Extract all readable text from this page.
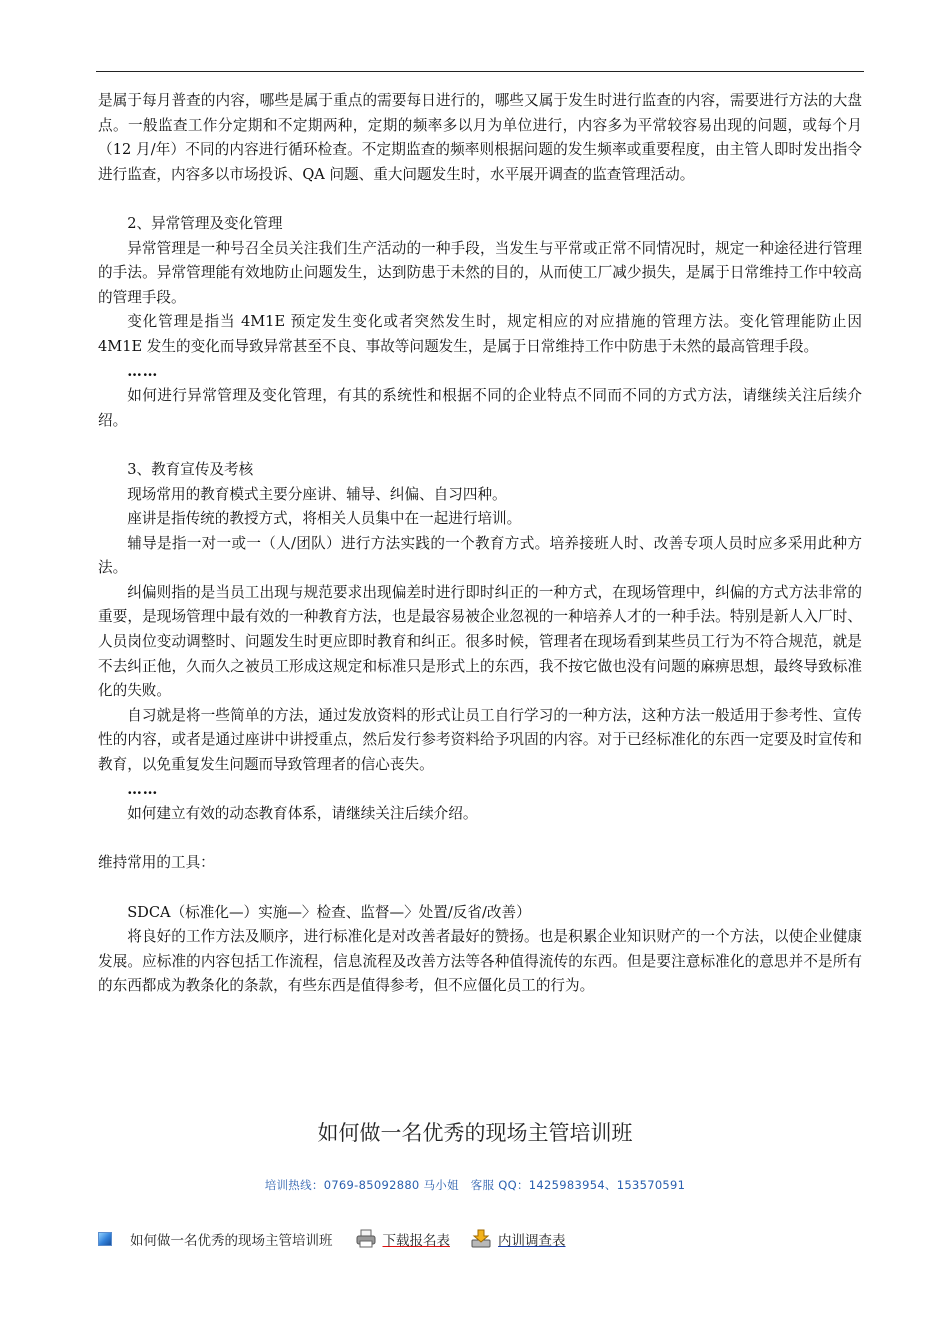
是属于每月普查的内容，哪些是属于重点的需要每日进行的，哪些又属于发生时进行监查的内容，需要进行方法的大盘点。一般监查工作分定期和不定期两种，定期的频率多以月为单位进行，内容多为平常较容易出现的问题，或每个月（12 月/年）不同的内容进行循环检查。不定期监查的频率则根据问题的发生频率或重要程度，由主管人即时发出指令进行监查，内容多以市场投诉、QA 问题、重大问题发生时，水平展开调查的监查管理活动。

2、异常管理及变化管理

异常管理是一种号召全员关注我们生产活动的一种手段，当发生与平常或正常不同情况时，规定一种途径进行管理的手法。异常管理能有效地防止问题发生，达到防患于未然的目的，从而使工厂减少损失，是属于日常维持工作中较高的管理手段。

变化管理是指当 4M1E 预定发生变化或者突然发生时，规定相应的对应措施的管理方法。变化管理能防止因 4M1E 发生的变化而导致异常甚至不良、事故等问题发生，是属于日常维持工作中防患于未然的最高管理手段。

……

如何进行异常管理及变化管理，有其的系统性和根据不同的企业特点不同而不同的方式方法，请继续关注后续介绍。

3、教育宣传及考核

现场常用的教育模式主要分座讲、辅导、纠偏、自习四种。

座讲是指传统的教授方式，将相关人员集中在一起进行培训。

辅导是指一对一或一（人/团队）进行方法实践的一个教育方式。培养接班人时、改善专项人员时应多采用此种方法。

纠偏则指的是当员工出现与规范要求出现偏差时进行即时纠正的一种方式，在现场管理中，纠偏的方式方法非常的重要，是现场管理中最有效的一种教育方法，也是最容易被企业忽视的一种培养人才的一种手法。特别是新人入厂时、人员岗位变动调整时、问题发生时更应即时教育和纠正。很多时候，管理者在现场看到某些员工行为不符合规范，就是不去纠正他，久而久之被员工形成这规定和标准只是形式上的东西，我不按它做也没有问题的麻痹思想，最终导致标准化的失败。

自习就是将一些简单的方法，通过发放资料的形式让员工自行学习的一种方法，这种方法一般适用于参考性、宣传性的内容，或者是通过座讲中讲授重点，然后发行参考资料给予巩固的内容。对于已经标准化的东西一定要及时宣传和教育，以免重复发生问题而导致管理者的信心丧失。

……

如何建立有效的动态教育体系，请继续关注后续介绍。

维持常用的工具：

SDCA（标准化—）实施—〉检查、监督—〉处置/反省/改善）

将良好的工作方法及顺序，进行标准化是对改善者最好的赞扬。也是积累企业知识财产的一个方法，以使企业健康发展。应标准的内容包括工作流程，信息流程及改善方法等各种值得流传的东西。但是要注意标准化的意思并不是所有的东西都成为教条化的条款，有些东西是值得参考，但不应僵化员工的行为。

如何做一名优秀的现场主管培训班
培训热线：0769-85092880 马小姐　客服 QQ：1425983954、153570591
如何做一名优秀的现场主管培训班	下载报名表	内训调查表
